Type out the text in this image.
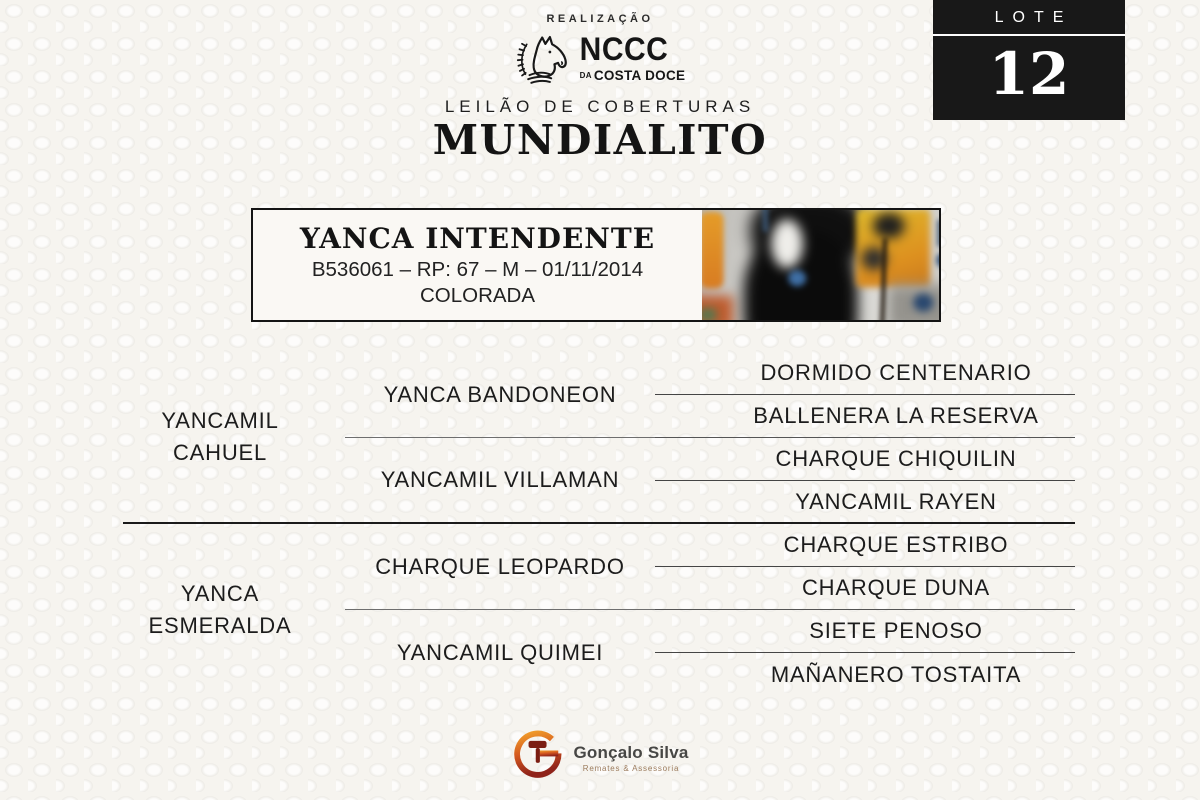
REALIZAÇÃO
NCCC
DA COSTA DOCE
LEILÃO DE COBERTURAS
MUNDIALITO
LOTE
12
YANCA INTENDENTE
B536061 – RP: 67 – M – 01/11/2014
COLORADA
YANCAMIL
CAHUEL
YANCA
ESMERALDA
YANCA BANDONEON
YANCAMIL VILLAMAN
CHARQUE LEOPARDO
YANCAMIL QUIMEI
DORMIDO CENTENARIO
BALLENERA LA RESERVA
CHARQUE CHIQUILIN
YANCAMIL RAYEN
CHARQUE ESTRIBO
CHARQUE DUNA
SIETE PENOSO
MAÑANERO TOSTAITA
Gonçalo Silva
Remates & Assessoria
